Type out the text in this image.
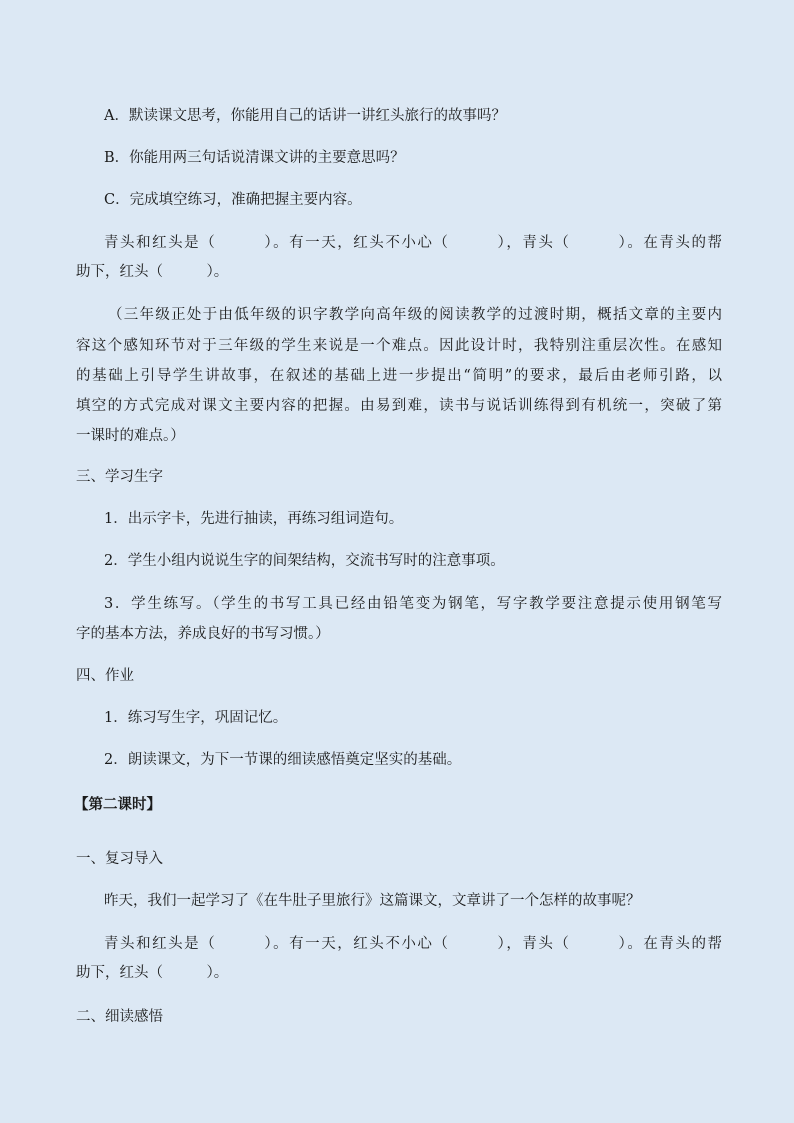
A．默读课文思考，你能用自己的话讲一讲红头旅行的故事吗？
B．你能用两三句话说清课文讲的主要意思吗？
C．完成填空练习，准确把握主要内容。
青头和红头是（　　　）。有一天，红头不小心（　　　），青头（　　　）。在青头的帮
助下，红头（　　　）。
（三年级正处于由低年级的识字教学向高年级的阅读教学的过渡时期，概括文章的主要内
容这个感知环节对于三年级的学生来说是一个难点。因此设计时，我特别注重层次性。在感知
的基础上引导学生讲故事，在叙述的基础上进一步提出“简明”的要求，最后由老师引路，以
填空的方式完成对课文主要内容的把握。由易到难，读书与说话训练得到有机统一，突破了第
一课时的难点。）
三、学习生字
1．出示字卡，先进行抽读，再练习组词造句。
2．学生小组内说说生字的间架结构，交流书写时的注意事项。
3．学生练写。（学生的书写工具已经由铅笔变为钢笔，写字教学要注意提示使用钢笔写
字的基本方法，养成良好的书写习惯。）
四、作业
1．练习写生字，巩固记忆。
2．朗读课文，为下一节课的细读感悟奠定坚实的基础。
【第二课时】
一、复习导入
昨天，我们一起学习了《在牛肚子里旅行》这篇课文，文章讲了一个怎样的故事呢？
青头和红头是（　　　）。有一天，红头不小心（　　　），青头（　　　）。在青头的帮
助下，红头（　　　）。
二、细读感悟
